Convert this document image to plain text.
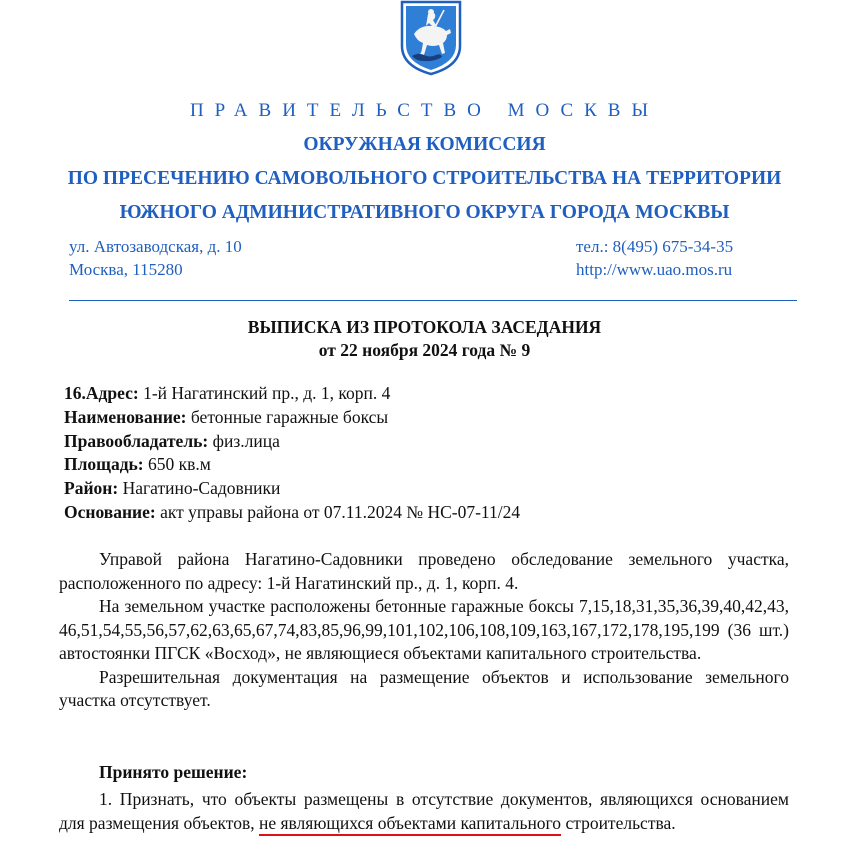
ПРАВИТЕЛЬСТВО МОСКВЫ
ОКРУЖНАЯ КОМИССИЯ
ПО ПРЕСЕЧЕНИЮ САМОВОЛЬНОГО СТРОИТЕЛЬСТВА НА ТЕРРИТОРИИ
ЮЖНОГО АДМИНИСТРАТИВНОГО ОКРУГА ГОРОДА МОСКВЫ
ул. Автозаводская, д. 10
Москва, 115280
тел.: 8(495) 675-34-35
http://www.uao.mos.ru
ВЫПИСКА ИЗ ПРОТОКОЛА ЗАСЕДАНИЯ
от 22 ноября 2024 года № 9
16.Адрес: 1-й Нагатинский пр., д. 1, корп. 4
Наименование: бетонные гаражные боксы
Правообладатель: физ.лица
Площадь: 650 кв.м
Район: Нагатино-Садовники
Основание: акт управы района от 07.11.2024 № НС-07-11/24

Управой района Нагатино-Садовники проведено обследование земельного участка, расположенного по адресу: 1-й Нагатинский пр., д. 1, корп. 4.

На земельном участке расположены бетонные гаражные боксы 7,15,18,31,35,36,39,40,42,43,46,51,54,55,56,57,62,63,65,67,74,83,85,96,99,101,102,106,108,109,163,167,172,178,195,199 (36 шт.) автостоянки ПГСК «Восход», не являющиеся объектами капитального строительства.

Разрешительная документация на размещение объектов и использование земельного участка отсутствует.

Принято решение:

1. Признать, что объекты размещены в отсутствие документов, являющихся основанием для размещения объектов, не являющихся объектами капитального строительства.
